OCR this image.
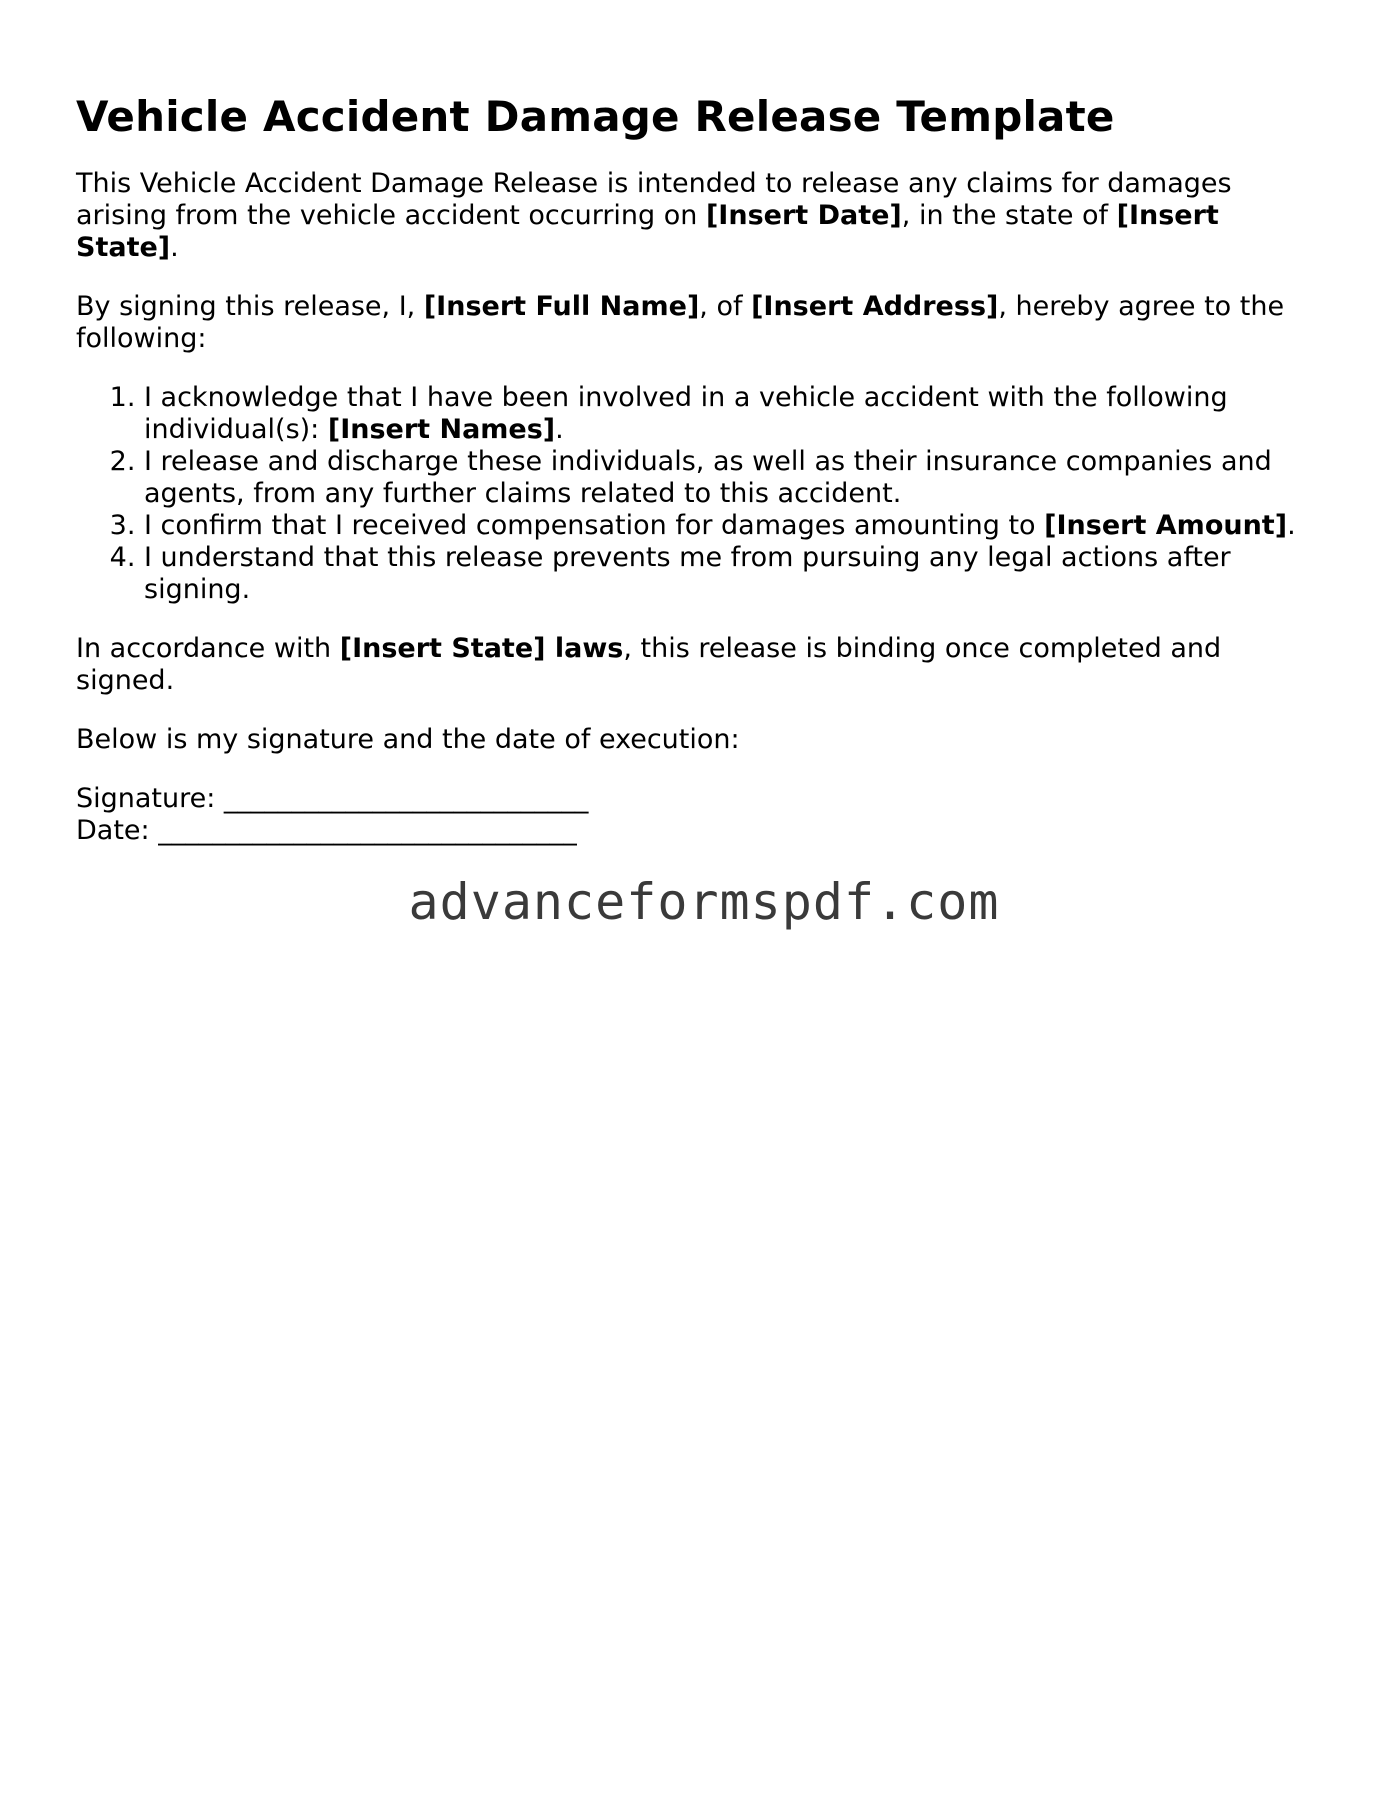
Vehicle Accident Damage Release Template

This Vehicle Accident Damage Release is intended to release any claims for damages arising from the vehicle accident occurring on [Insert Date], in the state of [Insert State].

By signing this release, I, [Insert Full Name], of [Insert Address], hereby agree to the following:

1. I acknowledge that I have been involved in a vehicle accident with the following individual(s): [Insert Names].
2. I release and discharge these individuals, as well as their insurance companies and agents, from any further claims related to this accident.
3. I confirm that I received compensation for damages amounting to [Insert Amount].
4. I understand that this release prevents me from pursuing any legal actions after signing.

In accordance with [Insert State] laws, this release is binding once completed and signed.

Below is my signature and the date of execution:

Signature: ___________________________
Date: _______________________________
advanceformspdf.com
